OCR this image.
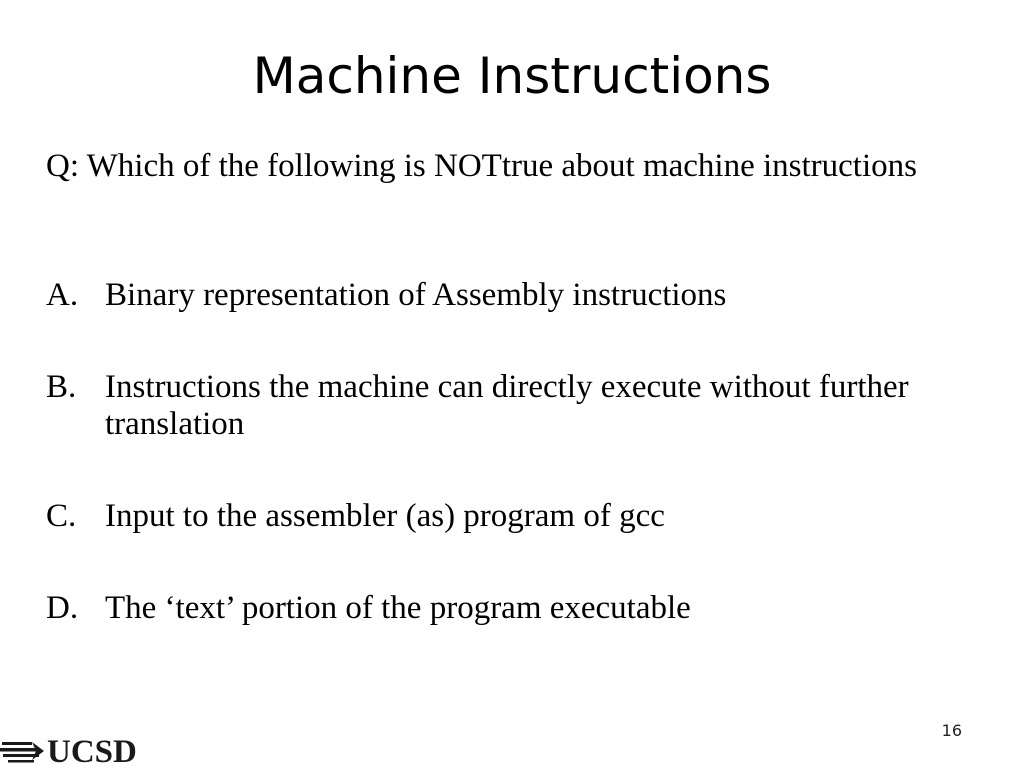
Machine Instructions
Q: Which of the following is NOTtrue about machine instructions
A. Binary representation of Assembly instructions
B. Instructions the machine can directly execute without further translation
C. Input to the assembler (as) program of gcc
D. The ‘text’ portion of the program executable
16
UCSD
